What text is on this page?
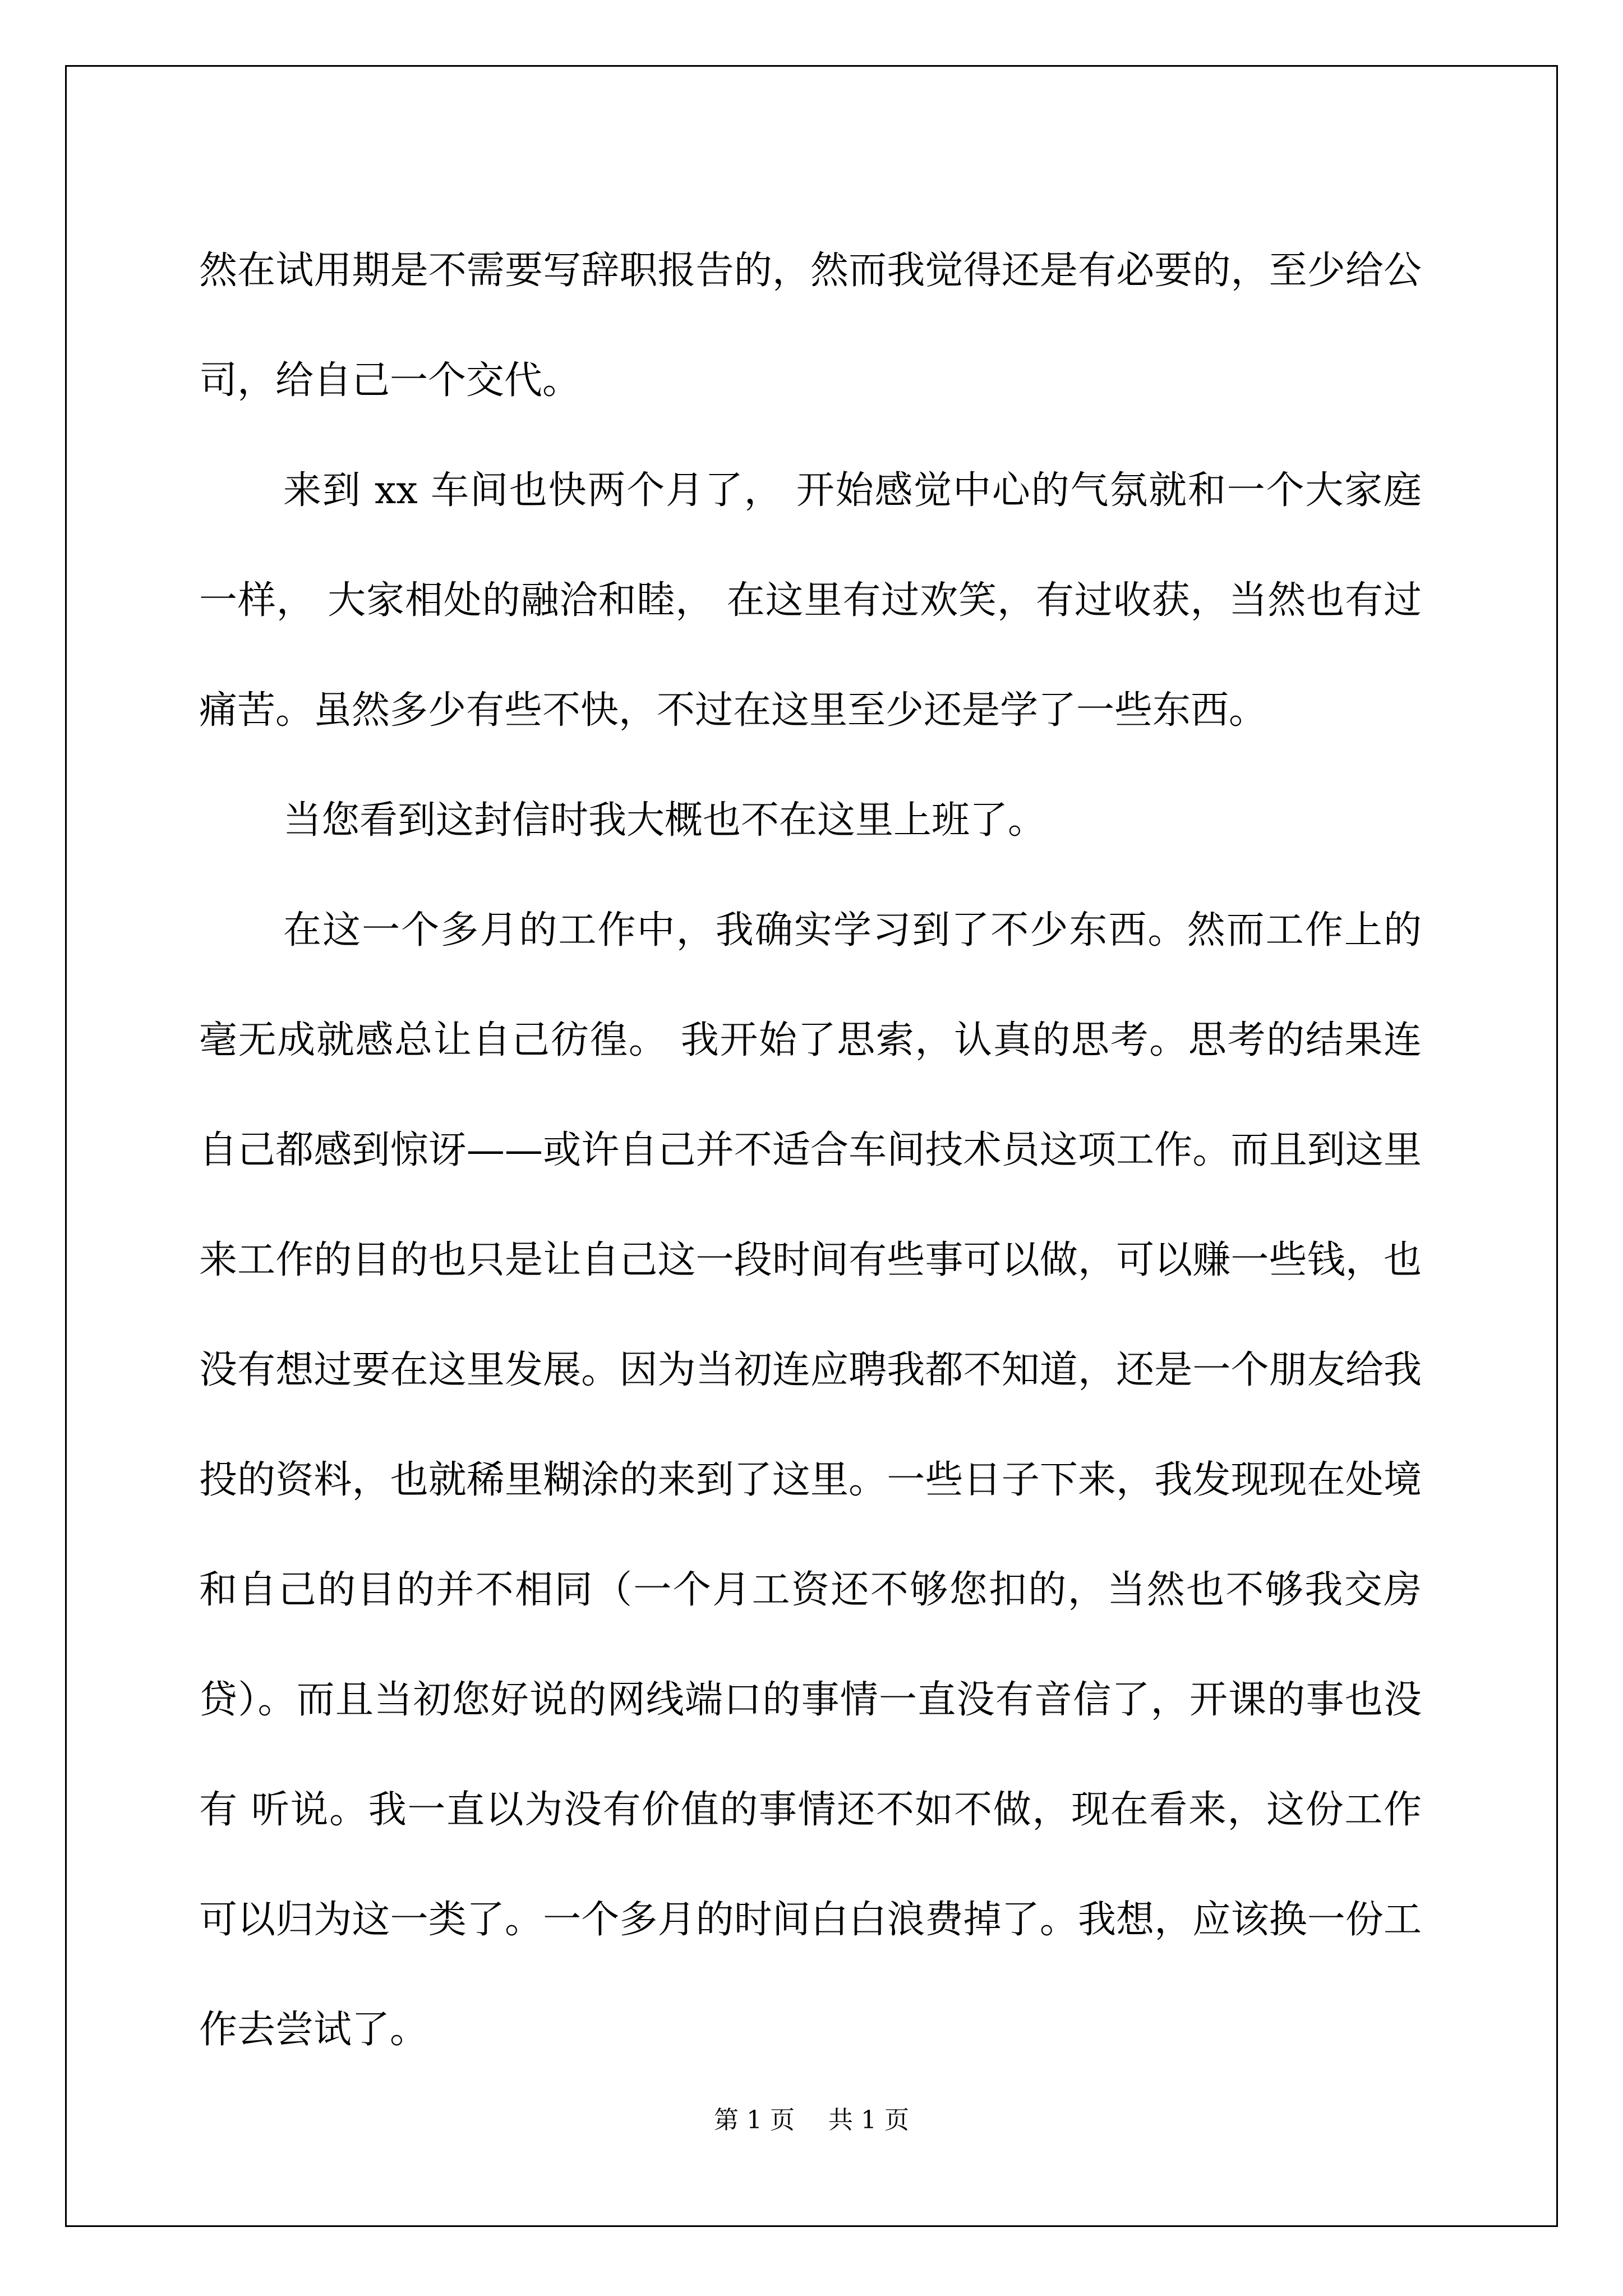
然在试用期是不需要写辞职报告的，然而我觉得还是有必要的，至少给公司，给自己一个交代。

来到 xx 车间也快两个月了， 开始感觉中心的气氛就和一个大家庭一样， 大家相处的融洽和睦， 在这里有过欢笑，有过收获，当然也有过痛苦。虽然多少有些不快，不过在这里至少还是学了一些东西。

当您看到这封信时我大概也不在这里上班了。

在这一个多月的工作中，我确实学习到了不少东西。然而工作上的毫无成就感总让自己彷徨。 我开始了思索，认真的思考。思考的结果连自己都感到惊讶——或许自己并不适合车间技术员这项工作。而且到这里来工作的目的也只是让自己这一段时间有些事可以做，可以赚一些钱，也没有想过要在这里发展。因为当初连应聘我都不知道，还是一个朋友给我投的资料，也就稀里糊涂的来到了这里。一些日子下来，我发现现在处境和自己的目的并不相同（一个月工资还不够您扣的，当然也不够我交房贷）。而且当初您好说的网线端口的事情一直没有音信了，开课的事也没有 听说。我一直以为没有价值的事情还不如不做，现在看来，这份工作可以归为这一类了。一个多月的时间白白浪费掉了。我想，应该换一份工作去尝试了。

第 1 页 共 1 页
